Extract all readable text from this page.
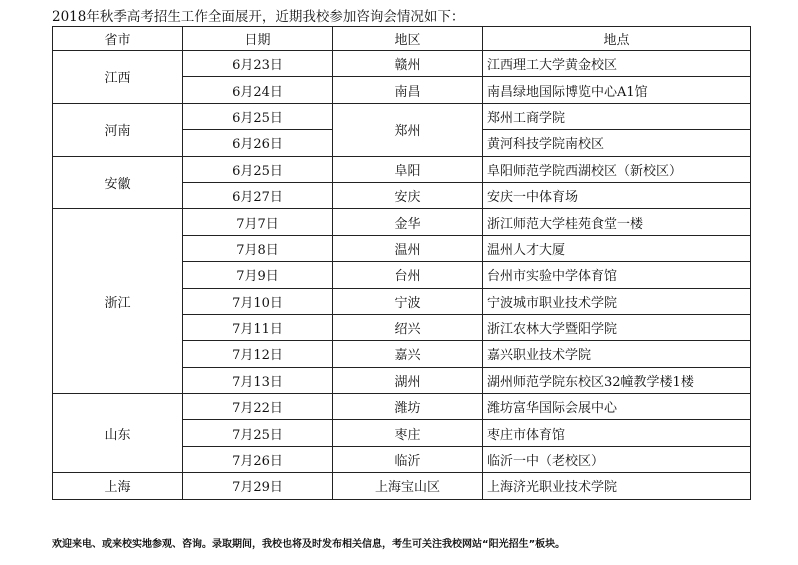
2018年秋季高考招生工作全面展开，近期我校参加咨询会情况如下：
省市	日期	地区	地点
江西	6月23日	赣州	江西理工大学黄金校区
	6月24日	南昌	南昌绿地国际博览中心A1馆
河南	6月25日	郑州	郑州工商学院
	6月26日		黄河科技学院南校区
安徽	6月25日	阜阳	阜阳师范学院西湖校区（新校区）
	6月27日	安庆	安庆一中体育场
浙江	7月7日	金华	浙江师范大学桂苑食堂一楼
	7月8日	温州	温州人才大厦
	7月9日	台州	台州市实验中学体育馆
	7月10日	宁波	宁波城市职业技术学院
	7月11日	绍兴	浙江农林大学暨阳学院
	7月12日	嘉兴	嘉兴职业技术学院
	7月13日	湖州	湖州师范学院东校区32幢教学楼1楼
山东	7月22日	潍坊	潍坊富华国际会展中心
	7月25日	枣庄	枣庄市体育馆
	7月26日	临沂	临沂一中（老校区）
上海	7月29日	上海宝山区	上海济光职业技术学院
欢迎来电、或来校实地参观、咨询。录取期间，我校也将及时发布相关信息，考生可关注我校网站“阳光招生”板块。
